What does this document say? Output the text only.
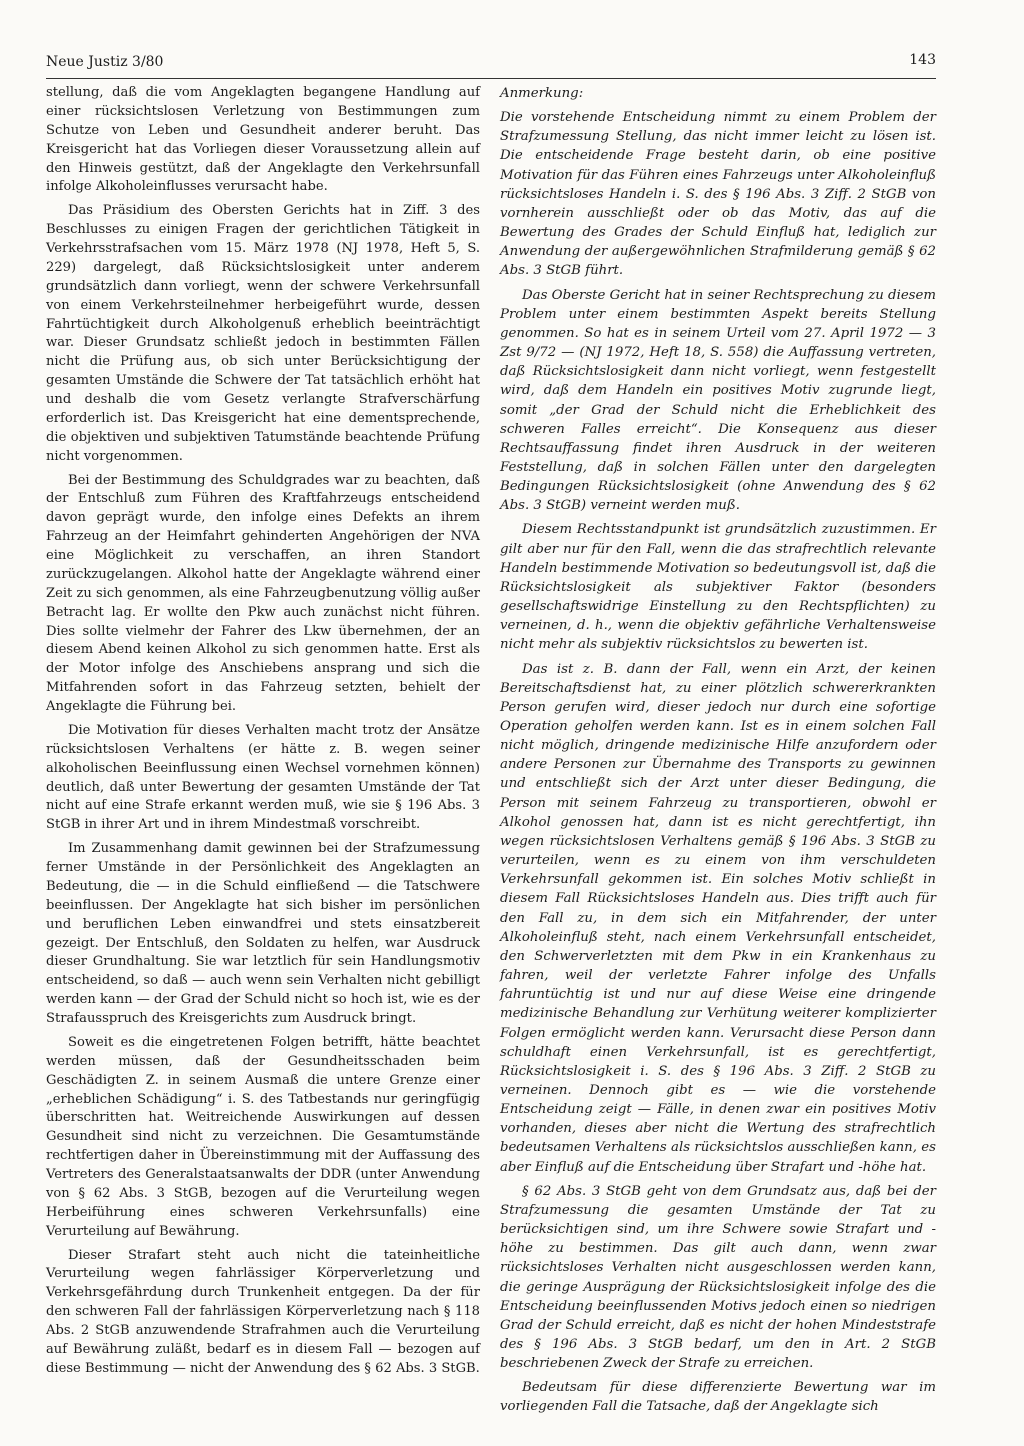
Neue Justiz 3/80	143

stellung, daß die vom Angeklagten begangene Handlung auf einer rücksichtslosen Verletzung von Bestimmungen zum Schutze von Leben und Gesundheit anderer beruht. Das Kreisgericht hat das Vorliegen dieser Voraussetzung allein auf den Hinweis gestützt, daß der Angeklagte den Verkehrsunfall infolge Alkoholeinflusses verursacht habe.

Das Präsidium des Obersten Gerichts hat in Ziff. 3 des Beschlusses zu einigen Fragen der gerichtlichen Tätigkeit in Verkehrsstrafsachen vom 15. März 1978 (NJ 1978, Heft 5, S. 229) dargelegt, daß Rücksichtslosigkeit unter anderem grundsätzlich dann vorliegt, wenn der schwere Verkehrsunfall von einem Verkehrsteilnehmer herbeigeführt wurde, dessen Fahrtüchtigkeit durch Alkoholgenuß erheblich beeinträchtigt war. Dieser Grundsatz schließt jedoch in bestimmten Fällen nicht die Prüfung aus, ob sich unter Berücksichtigung der gesamten Umstände die Schwere der Tat tatsächlich erhöht hat und deshalb die vom Gesetz verlangte Strafverschärfung erforderlich ist. Das Kreisgericht hat eine dementsprechende, die objektiven und subjektiven Tatumstände beachtende Prüfung nicht vorgenommen.

Bei der Bestimmung des Schuldgrades war zu beachten, daß der Entschluß zum Führen des Kraftfahrzeugs entscheidend davon geprägt wurde, den infolge eines Defekts an ihrem Fahrzeug an der Heimfahrt gehinderten Angehörigen der NVA eine Möglichkeit zu verschaffen, an ihren Standort zurückzugelangen. Alkohol hatte der Angeklagte während einer Zeit zu sich genommen, als eine Fahrzeugbenutzung völlig außer Betracht lag. Er wollte den Pkw auch zunächst nicht führen. Dies sollte vielmehr der Fahrer des Lkw übernehmen, der an diesem Abend keinen Alkohol zu sich genommen hatte. Erst als der Motor infolge des Anschiebens ansprang und sich die Mitfahrenden sofort in das Fahrzeug setzten, behielt der Angeklagte die Führung bei.

Die Motivation für dieses Verhalten macht trotz der Ansätze rücksichtslosen Verhaltens (er hätte z. B. wegen seiner alkoholischen Beeinflussung einen Wechsel vornehmen können) deutlich, daß unter Bewertung der gesamten Umstände der Tat nicht auf eine Strafe erkannt werden muß, wie sie § 196 Abs. 3 StGB in ihrer Art und in ihrem Mindestmaß vorschreibt.

Im Zusammenhang damit gewinnen bei der Strafzumessung ferner Umstände in der Persönlichkeit des Angeklagten an Bedeutung, die — in die Schuld einfließend — die Tatschwere beeinflussen. Der Angeklagte hat sich bisher im persönlichen und beruflichen Leben einwandfrei und stets einsatzbereit gezeigt. Der Entschluß, den Soldaten zu helfen, war Ausdruck dieser Grundhaltung. Sie war letztlich für sein Handlungsmotiv entscheidend, so daß — auch wenn sein Verhalten nicht gebilligt werden kann — der Grad der Schuld nicht so hoch ist, wie es der Strafausspruch des Kreisgerichts zum Ausdruck bringt.

Soweit es die eingetretenen Folgen betrifft, hätte beachtet werden müssen, daß der Gesundheitsschaden beim Geschädigten Z. in seinem Ausmaß die untere Grenze einer „erheblichen Schädigung“ i. S. des Tatbestands nur geringfügig überschritten hat. Weitreichende Auswirkungen auf dessen Gesundheit sind nicht zu verzeichnen. Die Gesamtumstände rechtfertigen daher in Übereinstimmung mit der Auffassung des Vertreters des Generalstaatsanwalts der DDR (unter Anwendung von § 62 Abs. 3 StGB, bezogen auf die Verurteilung wegen Herbeiführung eines schweren Verkehrsunfalls) eine Verurteilung auf Bewährung.

Dieser Strafart steht auch nicht die tateinheitliche Verurteilung wegen fahrlässiger Körperverletzung und Verkehrsgefährdung durch Trunkenheit entgegen. Da der für den schweren Fall der fahrlässigen Körperverletzung nach § 118 Abs. 2 StGB anzuwendende Strafrahmen auch die Verurteilung auf Bewährung zuläßt, bedarf es in diesem Fall — bezogen auf diese Bestimmung — nicht der Anwendung des § 62 Abs. 3 StGB.

Anmerkung:

Die vorstehende Entscheidung nimmt zu einem Problem der Strafzumessung Stellung, das nicht immer leicht zu lösen ist. Die entscheidende Frage besteht darin, ob eine positive Motivation für das Führen eines Fahrzeugs unter Alkoholeinfluß rücksichtsloses Handeln i. S. des § 196 Abs. 3 Ziff. 2 StGB von vornherein ausschließt oder ob das Motiv, das auf die Bewertung des Grades der Schuld Einfluß hat, lediglich zur Anwendung der außergewöhnlichen Strafmilderung gemäß § 62 Abs. 3 StGB führt.

Das Oberste Gericht hat in seiner Rechtsprechung zu diesem Problem unter einem bestimmten Aspekt bereits Stellung genommen. So hat es in seinem Urteil vom 27. April 1972 — 3 Zst 9/72 — (NJ 1972, Heft 18, S. 558) die Auffassung vertreten, daß Rücksichtslosigkeit dann nicht vorliegt, wenn festgestellt wird, daß dem Handeln ein positives Motiv zugrunde liegt, somit „der Grad der Schuld nicht die Erheblichkeit des schweren Falles erreicht“. Die Konsequenz aus dieser Rechtsauffassung findet ihren Ausdruck in der weiteren Feststellung, daß in solchen Fällen unter den dargelegten Bedingungen Rücksichtslosigkeit (ohne Anwendung des § 62 Abs. 3 StGB) verneint werden muß.

Diesem Rechtsstandpunkt ist grundsätzlich zuzustimmen. Er gilt aber nur für den Fall, wenn die das strafrechtlich relevante Handeln bestimmende Motivation so bedeutungsvoll ist, daß die Rücksichtslosigkeit als subjektiver Faktor (besonders gesellschaftswidrige Einstellung zu den Rechtspflichten) zu verneinen, d. h., wenn die objektiv gefährliche Verhaltensweise nicht mehr als subjektiv rücksichtslos zu bewerten ist.

Das ist z. B. dann der Fall, wenn ein Arzt, der keinen Bereitschaftsdienst hat, zu einer plötzlich schwererkrankten Person gerufen wird, dieser jedoch nur durch eine sofortige Operation geholfen werden kann. Ist es in einem solchen Fall nicht möglich, dringende medizinische Hilfe anzufordern oder andere Personen zur Übernahme des Transports zu gewinnen und entschließt sich der Arzt unter dieser Bedingung, die Person mit seinem Fahrzeug zu transportieren, obwohl er Alkohol genossen hat, dann ist es nicht gerechtfertigt, ihn wegen rücksichtslosen Verhaltens gemäß § 196 Abs. 3 StGB zu verurteilen, wenn es zu einem von ihm verschuldeten Verkehrsunfall gekommen ist. Ein solches Motiv schließt in diesem Fall Rücksichtsloses Handeln aus. Dies trifft auch für den Fall zu, in dem sich ein Mitfahrender, der unter Alkoholeinfluß steht, nach einem Verkehrsunfall entscheidet, den Schwerverletzten mit dem Pkw in ein Krankenhaus zu fahren, weil der verletzte Fahrer infolge des Unfalls fahruntüchtig ist und nur auf diese Weise eine dringende medizinische Behandlung zur Verhütung weiterer komplizierter Folgen ermöglicht werden kann. Verursacht diese Person dann schuldhaft einen Verkehrsunfall, ist es gerechtfertigt, Rücksichtslosigkeit i. S. des § 196 Abs. 3 Ziff. 2 StGB zu verneinen. Dennoch gibt es — wie die vorstehende Entscheidung zeigt — Fälle, in denen zwar ein positives Motiv vorhanden, dieses aber nicht die Wertung des strafrechtlich bedeutsamen Verhaltens als rücksichtslos ausschließen kann, es aber Einfluß auf die Entscheidung über Strafart und -höhe hat.

§ 62 Abs. 3 StGB geht von dem Grundsatz aus, daß bei der Strafzumessung die gesamten Umstände der Tat zu berücksichtigen sind, um ihre Schwere sowie Strafart und -höhe zu bestimmen. Das gilt auch dann, wenn zwar rücksichtsloses Verhalten nicht ausgeschlossen werden kann, die geringe Ausprägung der Rücksichtslosigkeit infolge des die Entscheidung beeinflussenden Motivs jedoch einen so niedrigen Grad der Schuld erreicht, daß es nicht der hohen Mindeststrafe des § 196 Abs. 3 StGB bedarf, um den in Art. 2 StGB beschriebenen Zweck der Strafe zu erreichen.

Bedeutsam für diese differenzierte Bewertung war im vorliegenden Fall die Tatsache, daß der Angeklagte sich
